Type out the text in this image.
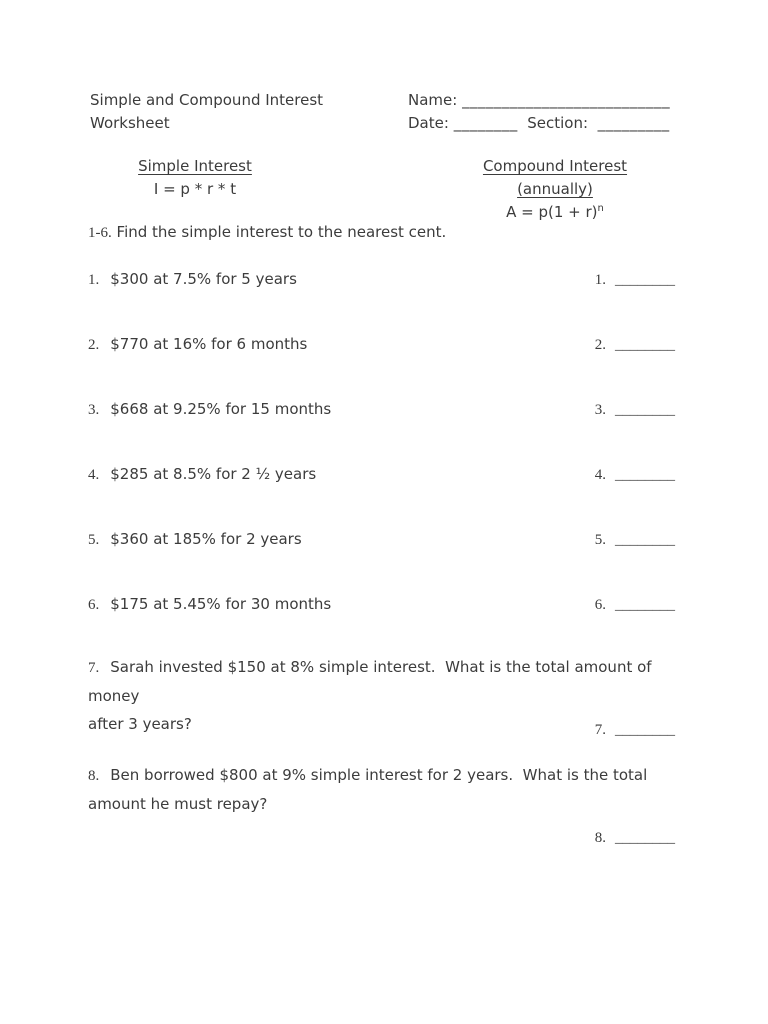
Simple and Compound Interest
Worksheet
Name: __________________________
Date: ________ Section: _________
Simple Interest
I = p * r * t
Compound Interest (annually)
$A = p(1 + r)^n$
1-6. Find the simple interest to the nearest cent.
1. $300 at 7.5% for 5 years	1. ________
2. $770 at 16% for 6 months	2. ________
3. $668 at 9.25% for 15 months	3. ________
4. $285 at 8.5% for 2 ½ years	4. ________
5. $360 at 185% for 2 years	5. ________
6. $175 at 5.45% for 30 months	6. ________
7. Sarah invested $150 at 8% simple interest.  What is the total amount of money
after 3 years?	7. ________
8. Ben borrowed $800 at 9% simple interest for 2 years.  What is the total
amount he must repay?
8. ________
